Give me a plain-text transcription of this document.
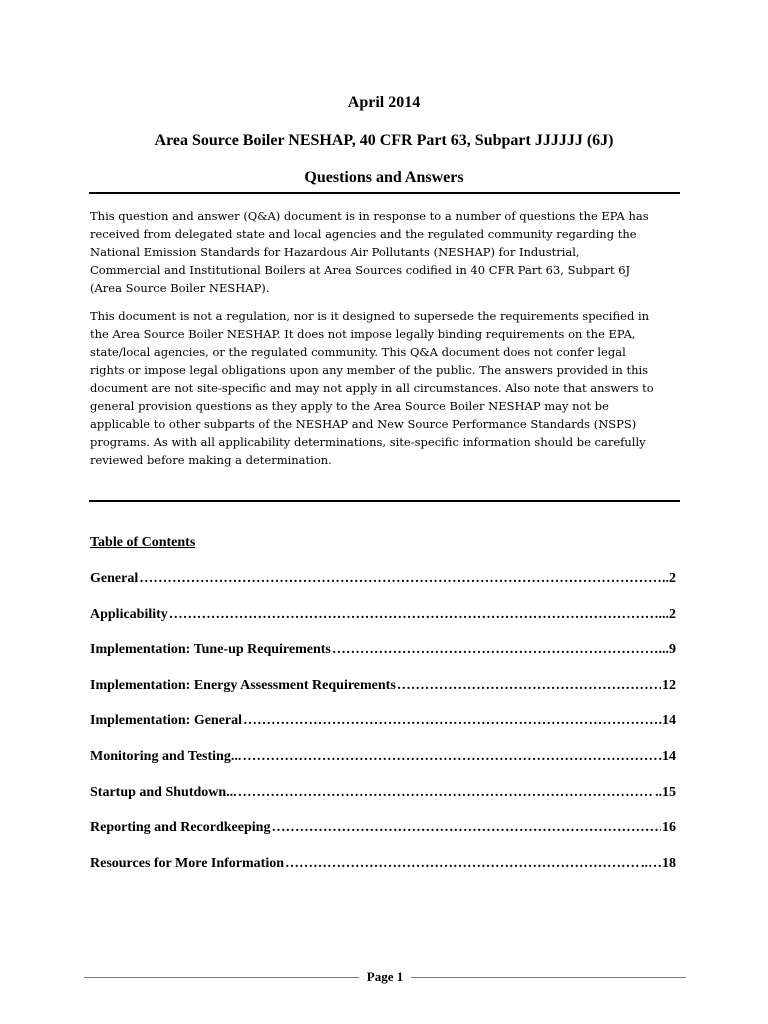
April 2014
Area Source Boiler NESHAP, 40 CFR Part 63, Subpart JJJJJJ (6J)
Questions and Answers
This question and answer (Q&A) document is in response to a number of questions the EPA has
received from delegated state and local agencies and the regulated community regarding the
National Emission Standards for Hazardous Air Pollutants (NESHAP) for Industrial,
Commercial and Institutional Boilers at Area Sources codified in 40 CFR Part 63, Subpart 6J
(Area Source Boiler NESHAP).
This document is not a regulation, nor is it designed to supersede the requirements specified in
the Area Source Boiler NESHAP. It does not impose legally binding requirements on the EPA,
state/local agencies, or the regulated community. This Q&A document does not confer legal
rights or impose legal obligations upon any member of the public. The answers provided in this
document are not site-specific and may not apply in all circumstances. Also note that answers to
general provision questions as they apply to the Area Source Boiler NESHAP may not be
applicable to other subparts of the NESHAP and New Source Performance Standards (NSPS)
programs. As with all applicability determinations, site-specific information should be carefully
reviewed before making a determination.
Table of Contents
General ……………………………………………………………………………………………………………………………………………	..2
Applicability ……………………………………………………………………………………………………………………………………………	...2
Implementation: Tune-up Requirements ……………………………………………………………………………………………………………………………………………	...9
Implementation: Energy Assessment Requirements ……………………………………………………………………………………………………………………………………………	12
Implementation: General ……………………………………………………………………………………………………………………………………………	.14
Monitoring and Testing... ……………………………………………………………………………………………………………………………………………	.14
Startup and Shutdown... ……………………………………………………………………………………………………………………………………………	..15
Reporting and Recordkeeping ……………………………………………………………………………………………………………………………………………	16
Resources for More Information ……………………………………………………………………………………………………………………………………………	..…18
Page 1
